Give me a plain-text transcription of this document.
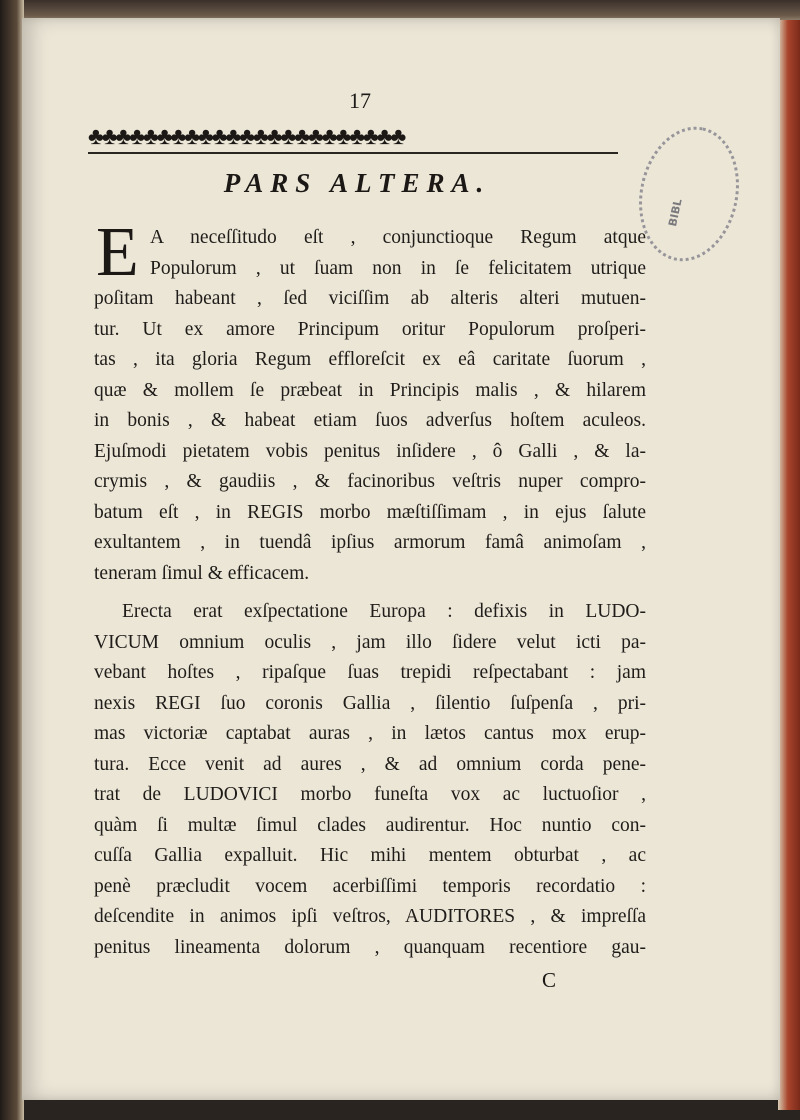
17
♣♣♣♣♣♣♣♣♣♣♣♣♣♣♣♣♣♣♣♣♣♣♣
PARS ALTERA.
BIBL
E A neceſſitudo eſt , conjunctioque Regum atque
Populorum , ut ſuam non in ſe felicitatem utrique
poſitam habeant , ſed viciſſim ab alteris alteri mutuen-
tur. Ut ex amore Principum oritur Populorum proſperi-
tas , ita gloria Regum effloreſcit ex eâ caritate ſuorum ,
quæ & mollem ſe præbeat in Principis malis , & hilarem
in bonis , & habeat etiam ſuos adverſus hoſtem aculeos.
Ejuſmodi pietatem vobis penitus inſidere , ô Galli , & la-
crymis , & gaudiis , & facinoribus veſtris nuper compro-
batum eſt , in REGIS morbo mæſtiſſimam , in ejus ſalute
exultantem , in tuendâ ipſius armorum famâ animoſam ,
teneram ſimul & efficacem.
Erecta erat exſpectatione Europa : defixis in LUDO-
VICUM omnium oculis , jam illo ſidere velut icti pa-
vebant hoſtes , ripaſque ſuas trepidi reſpectabant : jam
nexis REGI ſuo coronis Gallia , ſilentio ſuſpenſa , pri-
mas victoriæ captabat auras , in lætos cantus mox erup-
tura. Ecce venit ad aures , & ad omnium corda pene-
trat de LUDOVICI morbo funeſta vox ac luctuoſior ,
quàm ſi multæ ſimul clades audirentur. Hoc nuntio con-
cuſſa Gallia expalluit. Hic mihi mentem obturbat , ac
penè præcludit vocem acerbiſſimi temporis recordatio :
deſcendite in animos ipſi veſtros, AUDITORES , & impreſſa
penitus lineamenta dolorum , quanquam recentiore gau-
C
